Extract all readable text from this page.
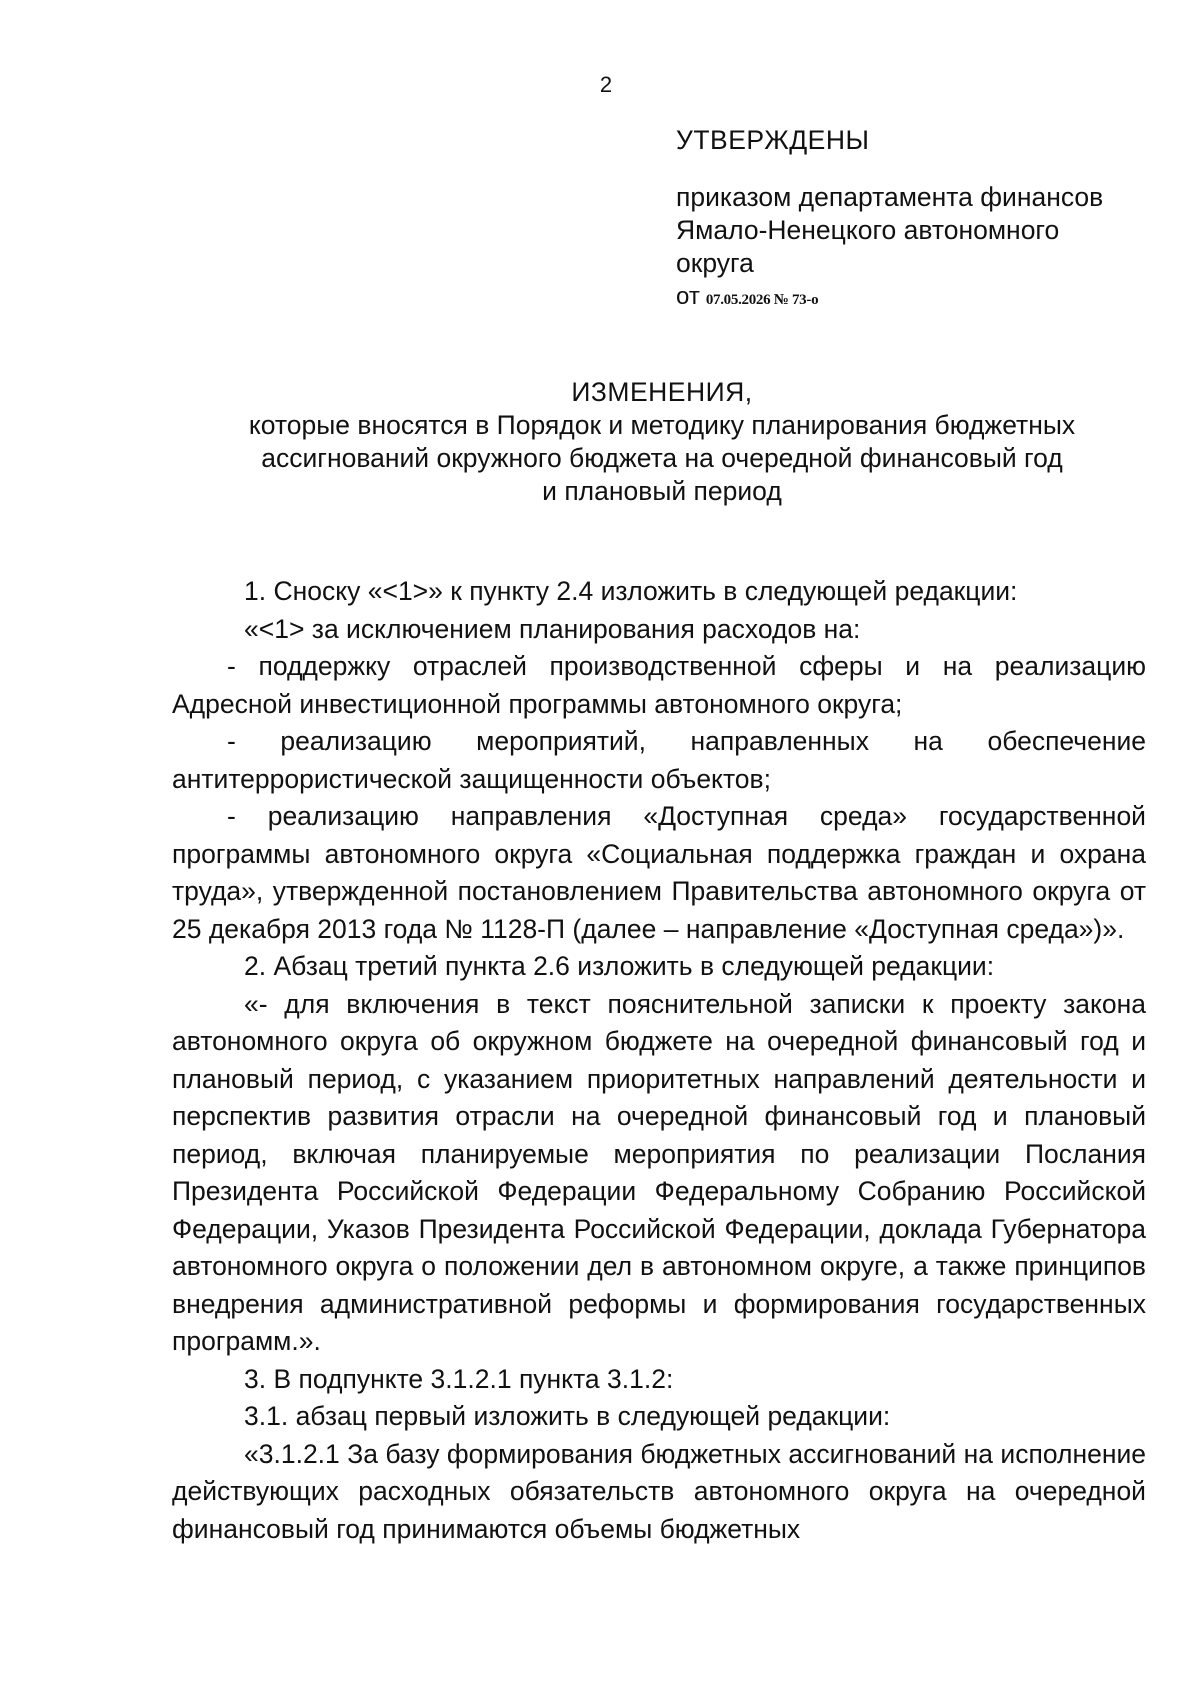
2

УТВЕРЖДЕНЫ

приказом департамента финансов

Ямало-Ненецкого автономного

округа

от 07.05.2026 № 73-о

ИЗМЕНЕНИЯ,
которые вносятся в Порядок и методику планирования бюджетных
ассигнований окружного бюджета на очередной финансовый год
и плановый период

1. Сноску «<1>» к пункту 2.4 изложить в следующей редакции:

«<1> за исключением планирования расходов на:

- поддержку отраслей производственной сферы и на реализацию Адресной инвестиционной программы автономного округа;

- реализацию мероприятий, направленных на обеспечение антитеррористической защищенности объектов;

- реализацию направления «Доступная среда» государственной программы автономного округа «Социальная поддержка граждан и охрана труда», утвержденной постановлением Правительства автономного округа от 25 декабря 2013 года № 1128-П (далее – направление «Доступная среда»)».

2. Абзац третий пункта 2.6 изложить в следующей редакции:

«- для включения в текст пояснительной записки к проекту закона автономного округа об окружном бюджете на очередной финансовый год и плановый период, с указанием приоритетных направлений деятельности и перспектив развития отрасли на очередной финансовый год и плановый период, включая планируемые мероприятия по реализации Послания Президента Российской Федерации Федеральному Собранию Российской Федерации, Указов Президента Российской Федерации, доклада Губернатора автономного округа о положении дел в автономном округе, а также принципов внедрения административной реформы и формирования государственных программ.».

3. В подпункте 3.1.2.1 пункта 3.1.2:

3.1. абзац первый изложить в следующей редакции:

«3.1.2.1 За базу формирования бюджетных ассигнований на исполнение действующих расходных обязательств автономного округа на очередной финансовый год принимаются объемы бюджетных
